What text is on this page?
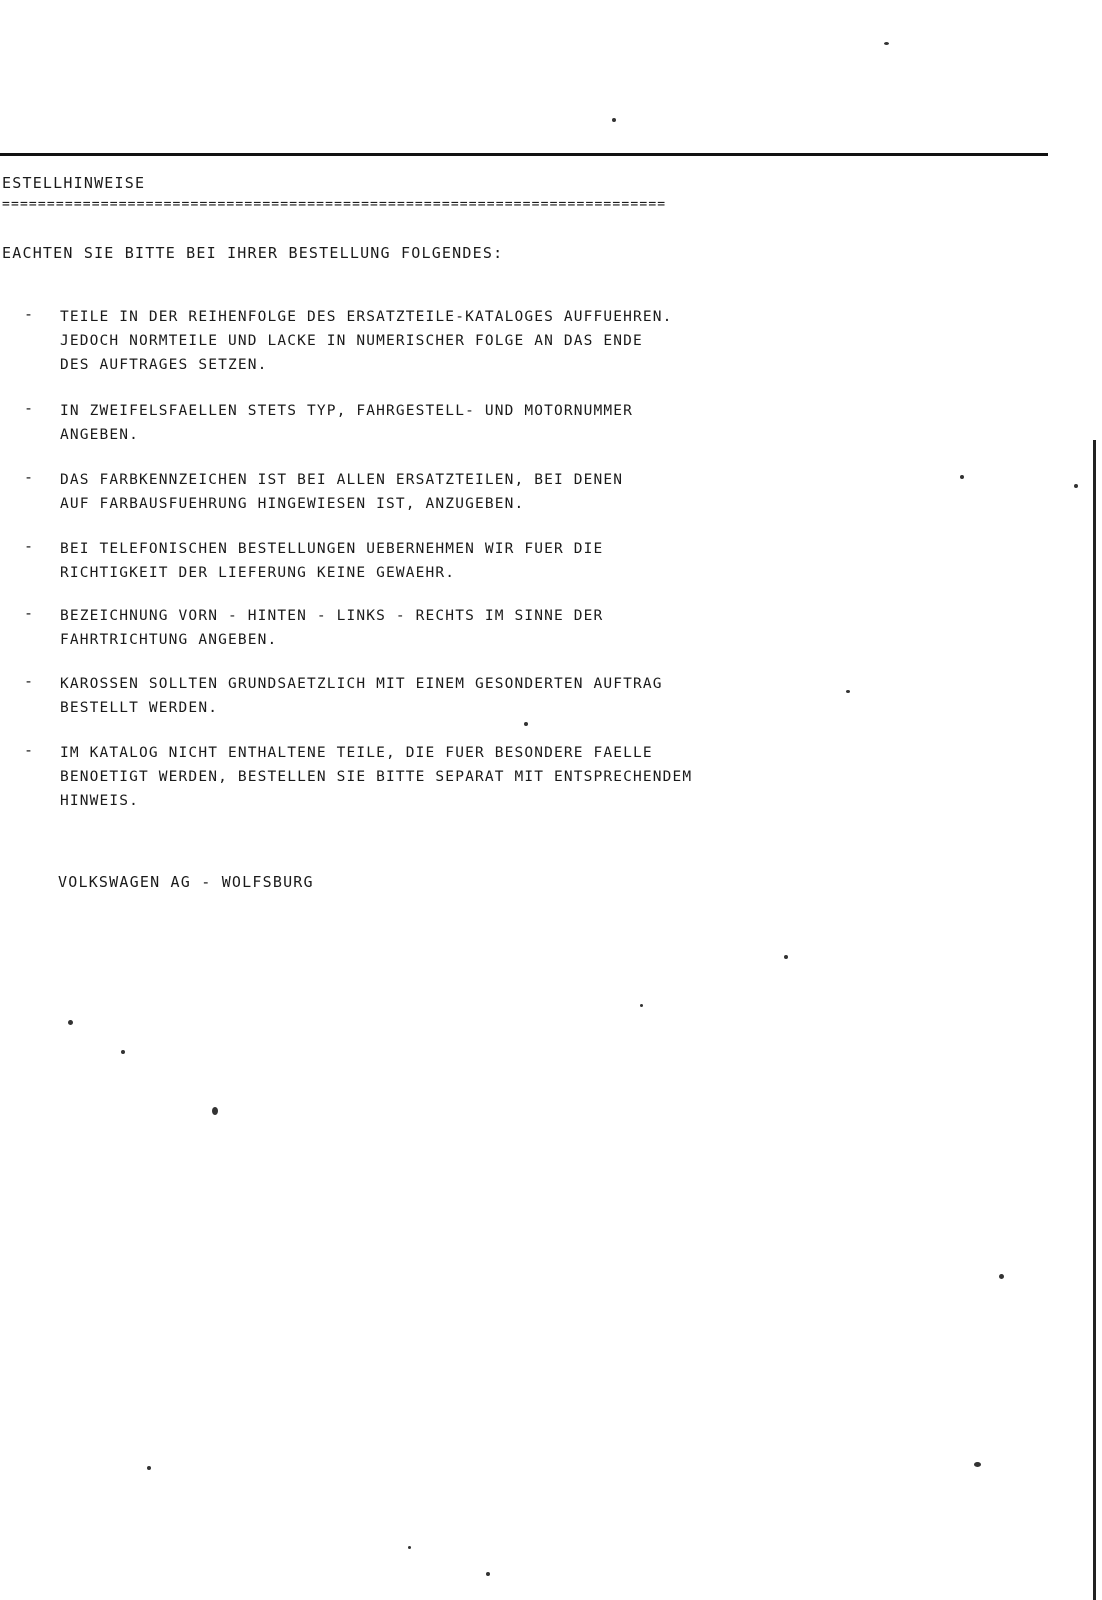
ESTELLHINWEISE
==========================================================================
EACHTEN SIE BITTE BEI IHRER BESTELLUNG FOLGENDES:
- TEILE IN DER REIHENFOLGE DES ERSATZTEILE-KATALOGES AUFFUEHREN.
JEDOCH NORMTEILE UND LACKE IN NUMERISCHER FOLGE AN DAS ENDE
DES AUFTRAGES SETZEN.
- IN ZWEIFELSFAELLEN STETS TYP, FAHRGESTELL- UND MOTORNUMMER
ANGEBEN.
- DAS FARBKENNZEICHEN IST BEI ALLEN ERSATZTEILEN, BEI DENEN
AUF FARBAUSFUEHRUNG HINGEWIESEN IST, ANZUGEBEN.
- BEI TELEFONISCHEN BESTELLUNGEN UEBERNEHMEN WIR FUER DIE
RICHTIGKEIT DER LIEFERUNG KEINE GEWAEHR.
- BEZEICHNUNG VORN - HINTEN - LINKS - RECHTS IM SINNE DER
FAHRTRICHTUNG ANGEBEN.
- KAROSSEN SOLLTEN GRUNDSAETZLICH MIT EINEM GESONDERTEN AUFTRAG
BESTELLT WERDEN.
- IM KATALOG NICHT ENTHALTENE TEILE, DIE FUER BESONDERE FAELLE
BENOETIGT WERDEN, BESTELLEN SIE BITTE SEPARAT MIT ENTSPRECHENDEM
HINWEIS.
VOLKSWAGEN AG - WOLFSBURG
